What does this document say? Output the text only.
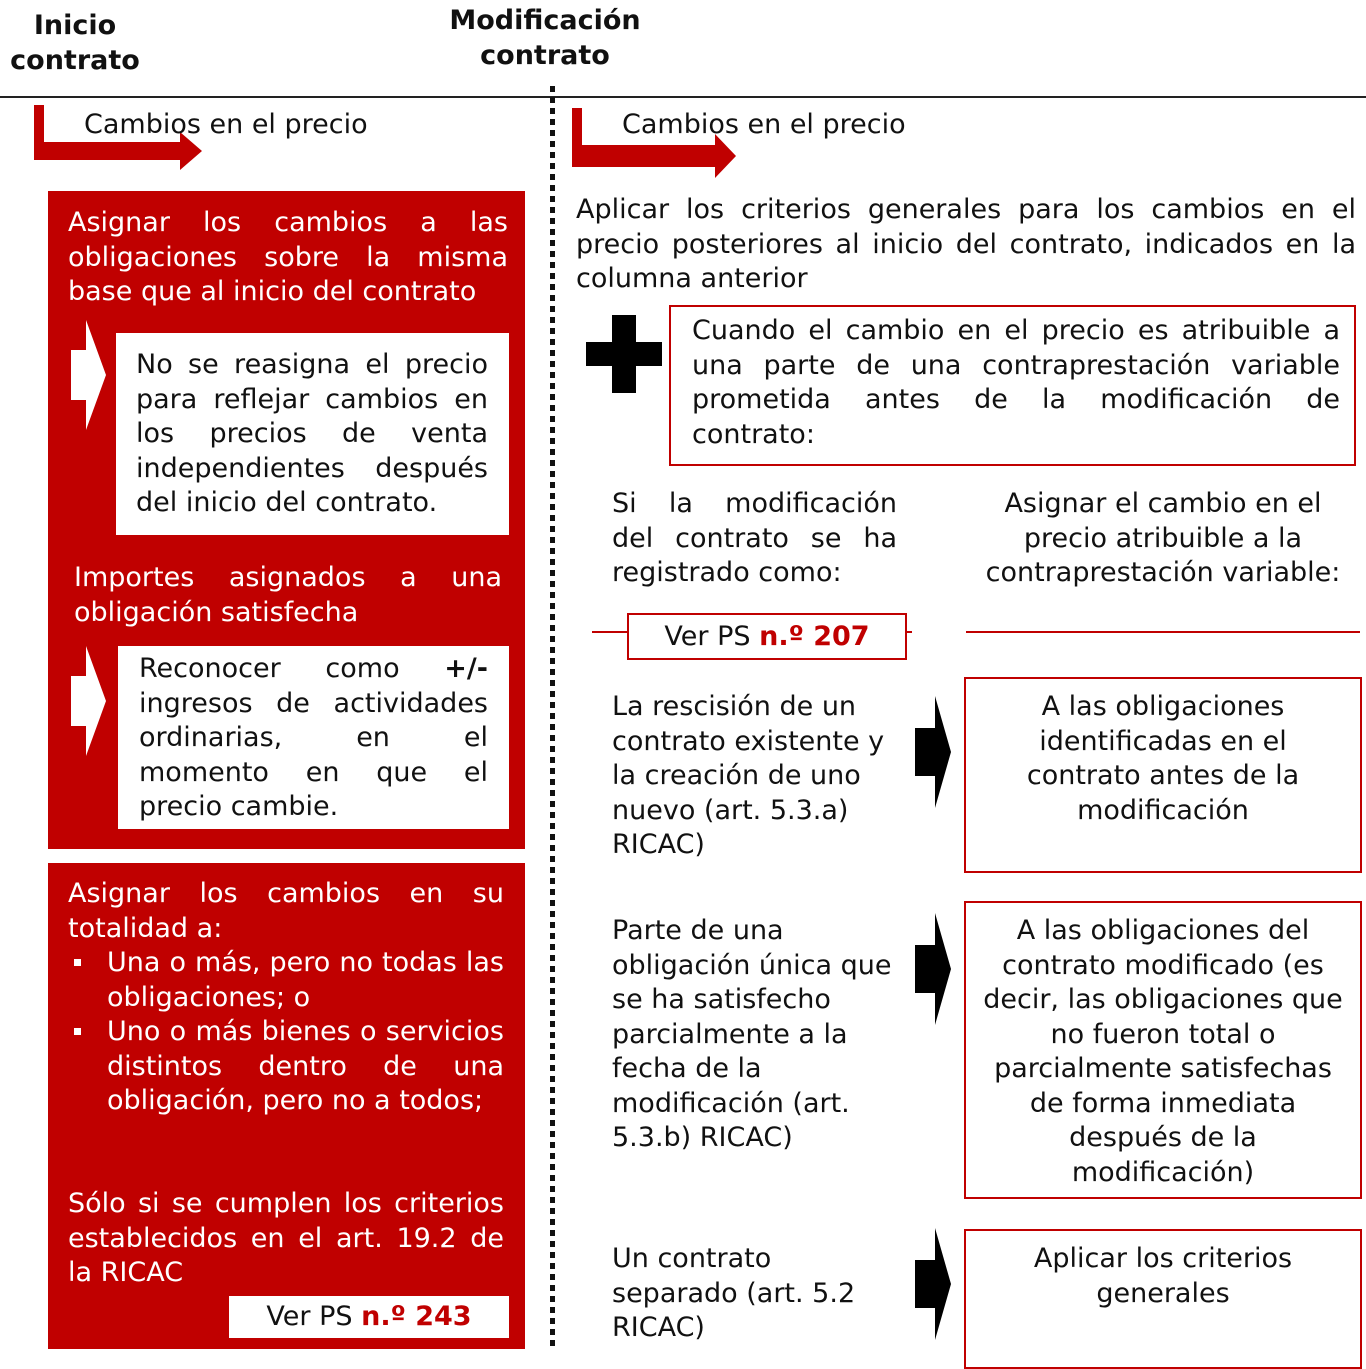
Inicio contrato
Modificación contrato
Cambios en el precio
Asignar los cambios a las obligaciones sobre la misma base que al inicio del contrato
No se reasigna el precio para reflejar cambios en los precios de venta independientes después del inicio del contrato.
Importes asignados a una obligación satisfecha
Reconocer como +/- ingresos de actividades ordinarias, en el momento en que el precio cambie.
Asignar los cambios en su totalidad a:
Una o más, pero no todas las obligaciones; o
Uno o más bienes o servicios distintos dentro de una obligación, pero no a todos;
Sólo si se cumplen los criterios establecidos en el art. 19.2 de la RICAC
Ver PS n.º 243
Cambios en el precio
Aplicar los criterios generales para los cambios en el precio posteriores al inicio del contrato, indicados en la columna anterior
Cuando el cambio en el precio es atribuible a una parte de una contraprestación variable prometida antes de la modificación de contrato:
Si la modificación del contrato se ha registrado como:
Asignar el cambio en el precio atribuible a la contraprestación variable:
Ver PS n.º 207
La rescisión de un contrato existente y la creación de uno nuevo (art. 5.3.a) RICAC)
A las obligaciones identificadas en el contrato antes de la modificación
Parte de una obligación única que se ha satisfecho parcialmente a la fecha de la modificación (art. 5.3.b) RICAC)
A las obligaciones del contrato modificado (es decir, las obligaciones que no fueron total o parcialmente satisfechas de forma inmediata después de la modificación)
Un contrato separado (art. 5.2 RICAC)
Aplicar los criterios generales
